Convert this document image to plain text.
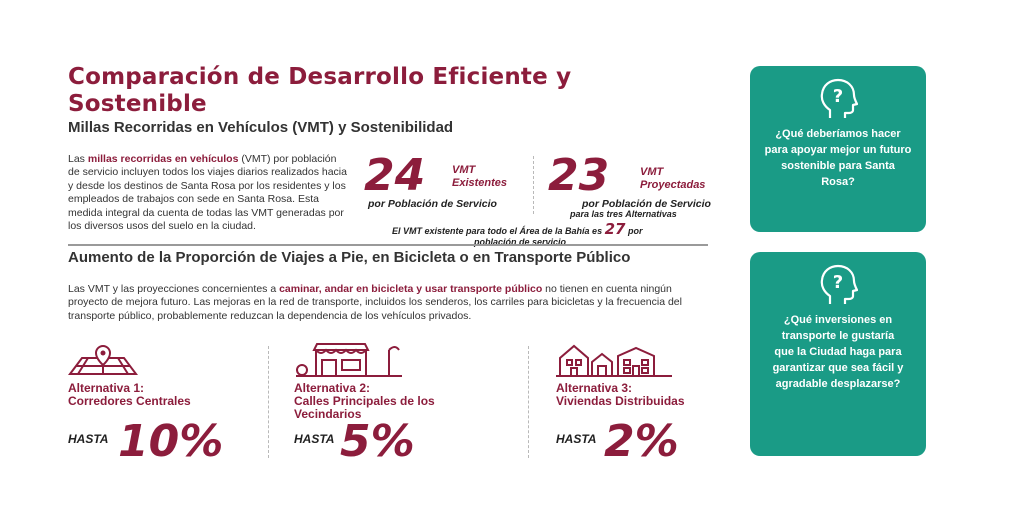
Comparación de Desarrollo Eficiente y Sostenible
Millas Recorridas en Vehículos (VMT) y Sostenibilidad
Las millas recorridas en vehículos (VMT) por población de servicio incluyen todos los viajes diarios realizados hacia y desde los destinos de Santa Rosa por los residentes y los empleados de trabajos con sede en Santa Rosa. Esta medida integral da cuenta de todas las VMT generadas por los diversos usos del suelo en la ciudad.
24 VMT
Existentes
por Población de Servicio
23	VMT
Proyectadas
por Población de Servicio
para las tres Alternativas
El VMT existente para todo el Área de la Bahía es 27 por
población de servicio
Aumento de la Proporción de Viajes a Pie, en Bicicleta o en Transporte Público
Las VMT y las proyecciones concernientes a caminar, andar en bicicleta y usar transporte público no tienen en cuenta ningún proyecto de mejora futuro. Las mejoras en la red de transporte, incluidos los senderos, los carriles para bicicletas y la frecuencia del transporte público, probablemente reduzcan la dependencia de los vehículos privados.
Alternativa 1:
Corredores Centrales
HASTA 10%
Alternativa 2:
Calles Principales de los Vecindarios
HASTA 5%
Alternativa 3:
Viviendas Distribuidas
HASTA 2%
?
¿Qué deberíamos hacer para apoyar mejor un futuro sostenible para Santa Rosa?
?
¿Qué inversiones en transporte le gustaría que la Ciudad haga para garantizar que sea fácil y agradable desplazarse?
